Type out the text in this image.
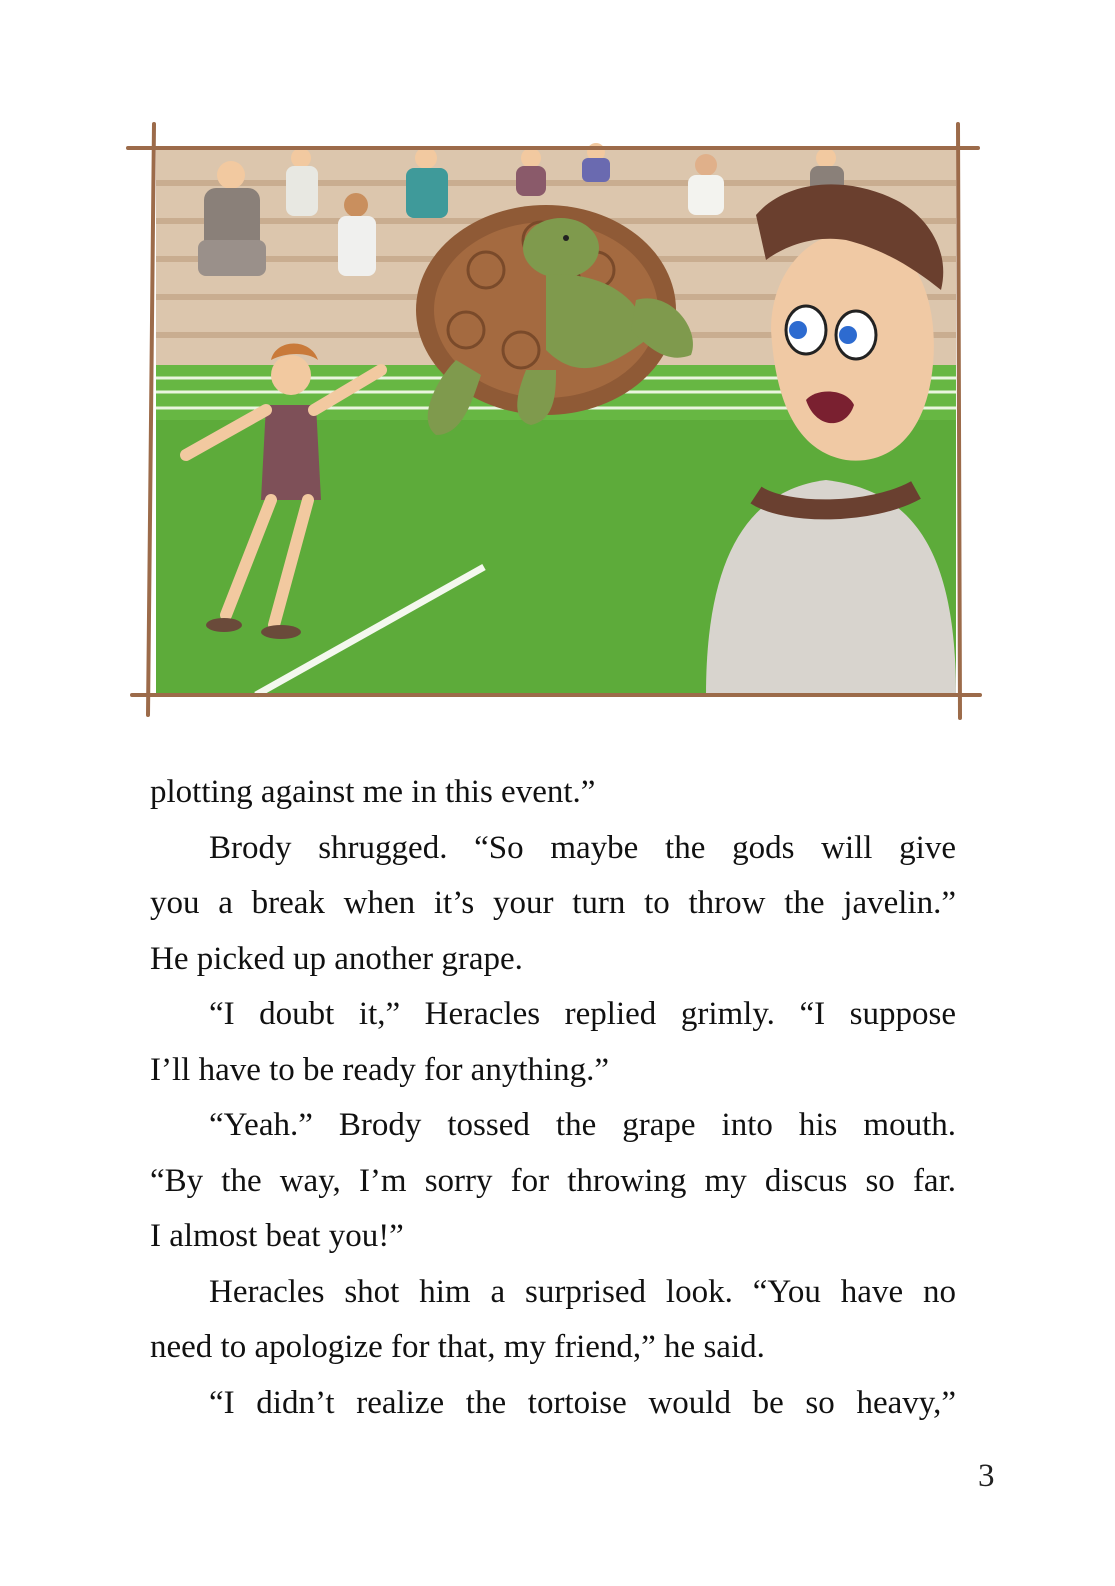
plotting against me in this event.”
Brody shrugged. “So maybe the gods will give
you a break when it’s your turn to throw the javelin.”
He picked up another grape.
“I doubt it,” Heracles replied grimly. “I suppose
I’ll have to be ready for anything.”
“Yeah.” Brody tossed the grape into his mouth.
“By the way, I’m sorry for throwing my discus so far.
I almost beat you!”
Heracles shot him a surprised look. “You have no
need to apologize for that, my friend,” he said.
“I didn’t realize the tortoise would be so heavy,”
3
